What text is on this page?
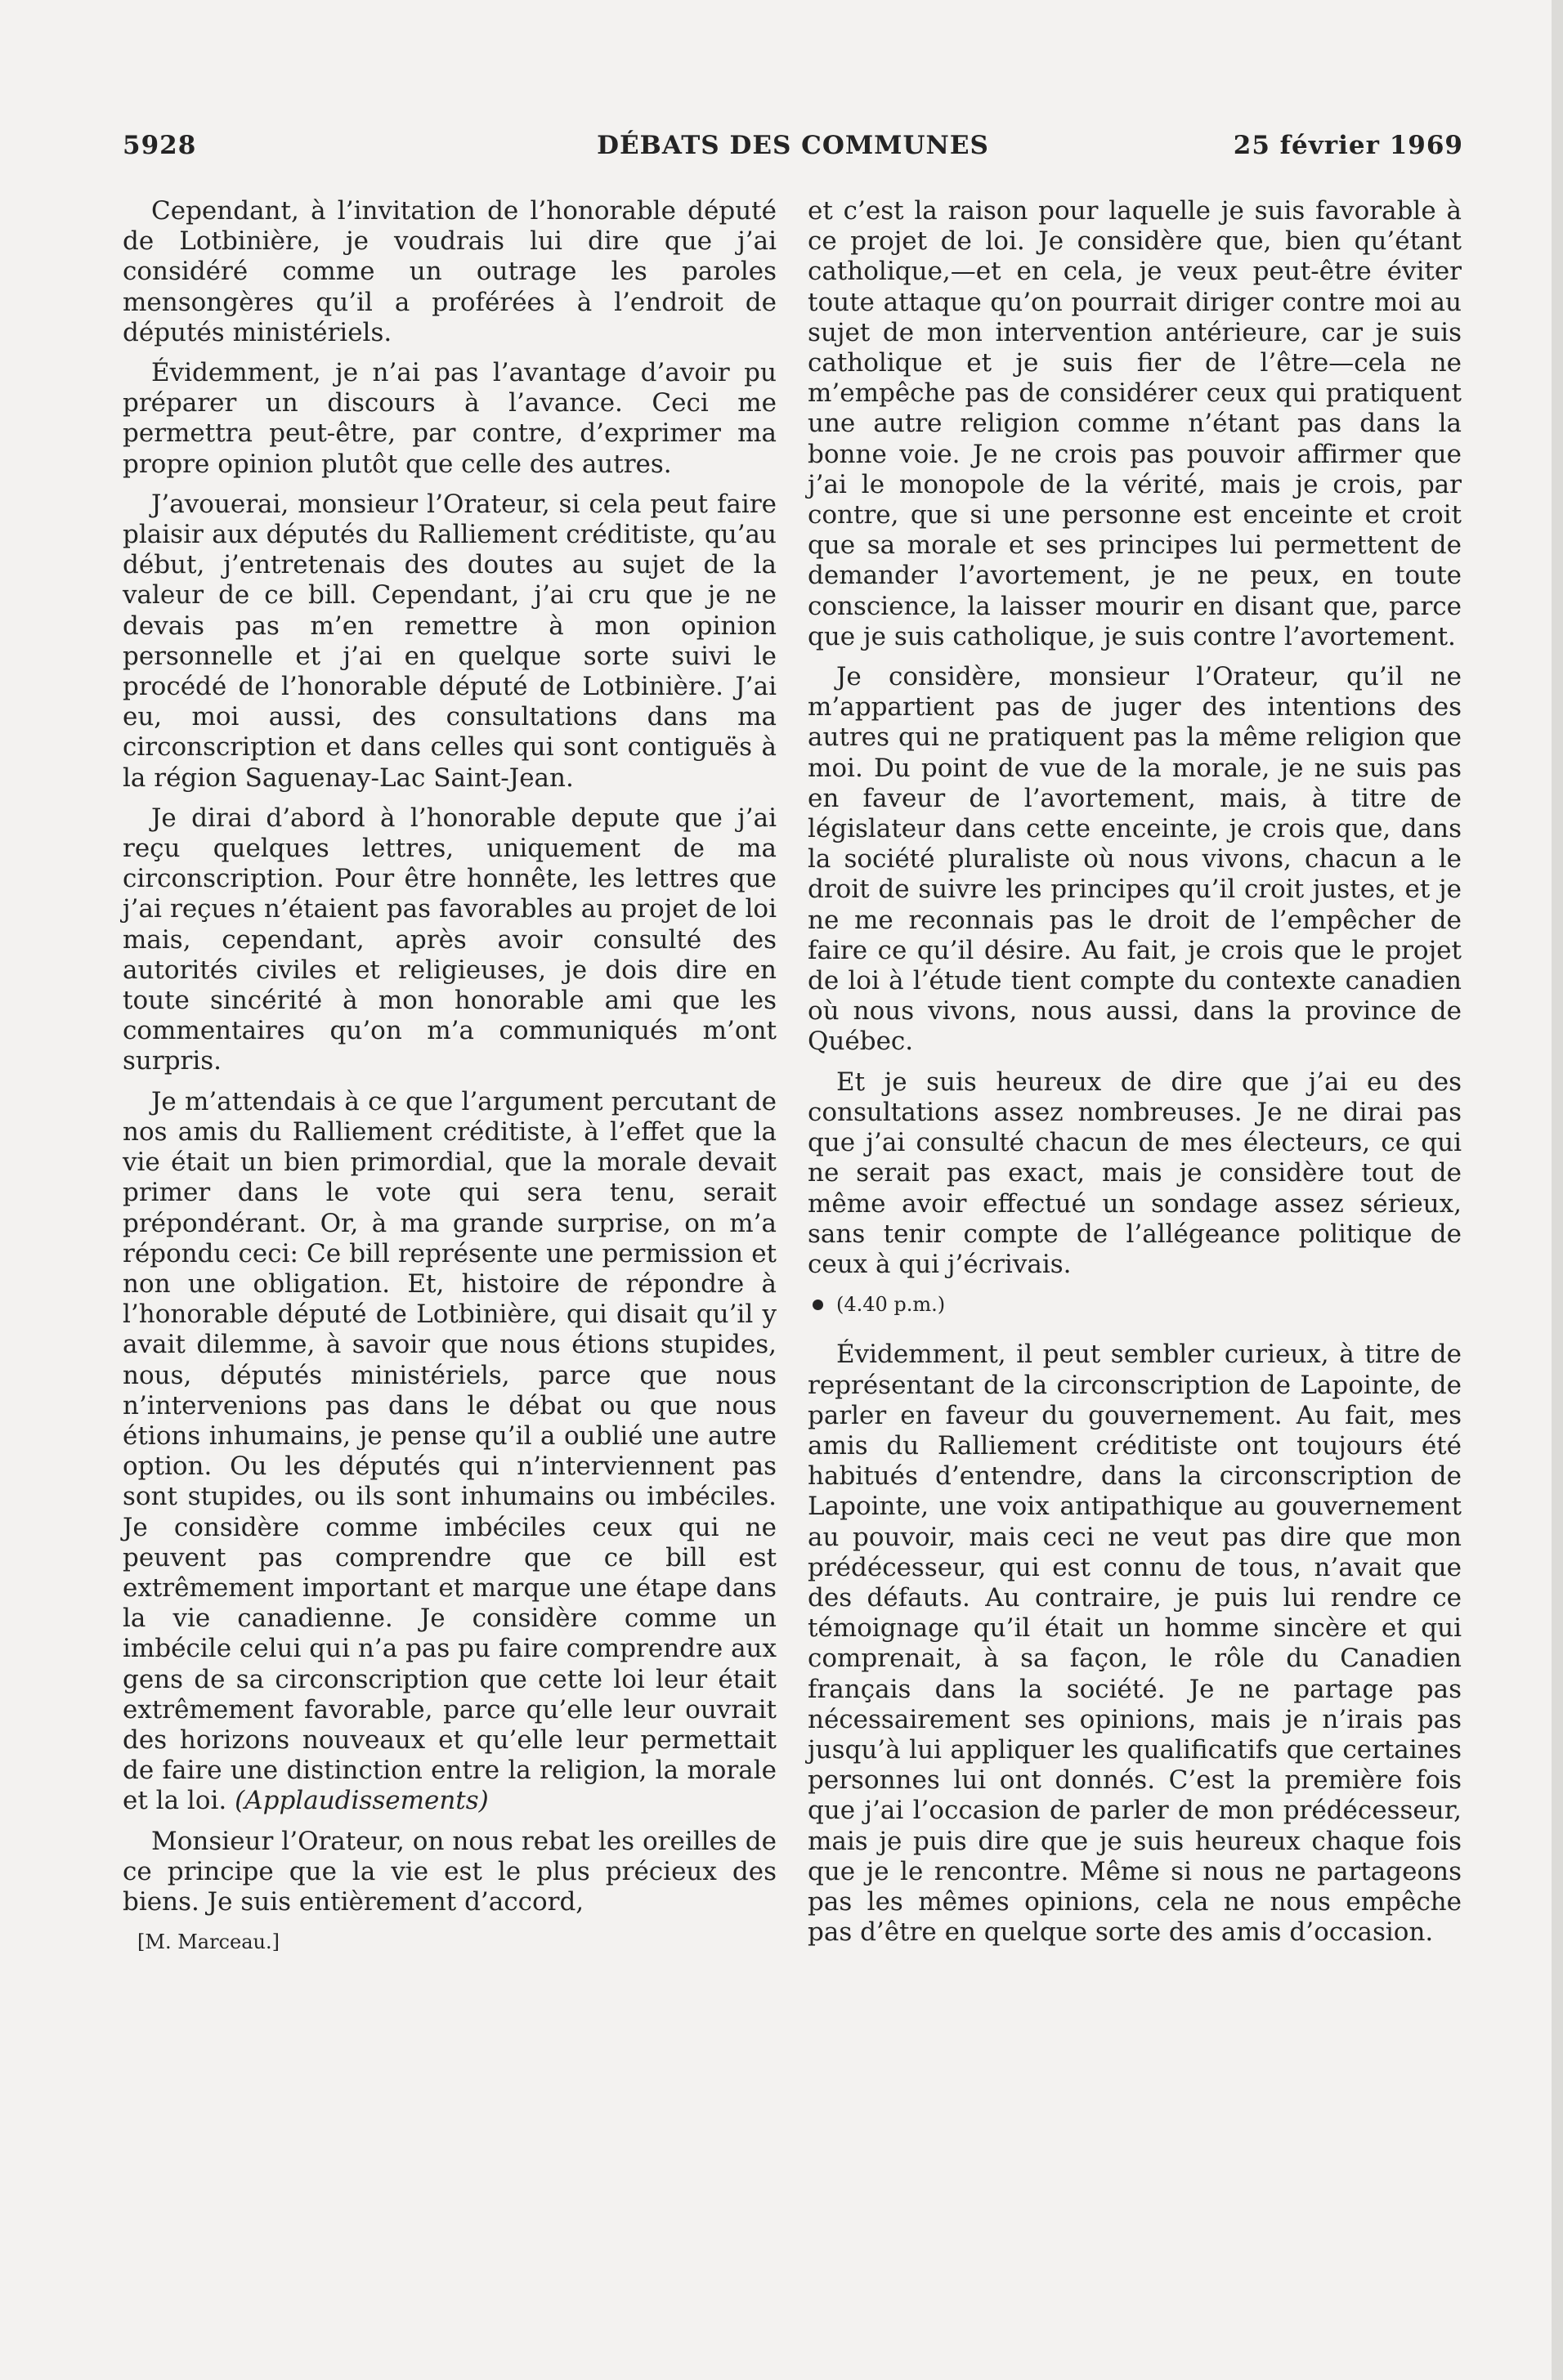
5928	DÉBATS DES COMMUNES	25 février 1969

Cependant, à l’invitation de l’honorable député de Lotbinière, je voudrais lui dire que j’ai considéré comme un outrage les paroles mensongères qu’il a proférées à l’endroit de députés ministériels.

Évidemment, je n’ai pas l’avantage d’avoir pu préparer un discours à l’avance. Ceci me permettra peut-être, par contre, d’exprimer ma propre opinion plutôt que celle des autres.

J’avouerai, monsieur l’Orateur, si cela peut faire plaisir aux députés du Ralliement créditiste, qu’au début, j’entretenais des doutes au sujet de la valeur de ce bill. Cependant, j’ai cru que je ne devais pas m’en remettre à mon opinion personnelle et j’ai en quelque sorte suivi le procédé de l’honorable député de Lotbinière. J’ai eu, moi aussi, des consultations dans ma circonscription et dans celles qui sont contiguës à la région Saguenay-Lac Saint-Jean.

Je dirai d’abord à l’honorable depute que j’ai reçu quelques lettres, uniquement de ma circonscription. Pour être honnête, les lettres que j’ai reçues n’étaient pas favorables au projet de loi mais, cependant, après avoir consulté des autorités civiles et religieuses, je dois dire en toute sincérité à mon honorable ami que les commentaires qu’on m’a communiqués m’ont surpris.

Je m’attendais à ce que l’argument percutant de nos amis du Ralliement créditiste, à l’effet que la vie était un bien primordial, que la morale devait primer dans le vote qui sera tenu, serait prépondérant. Or, à ma grande surprise, on m’a répondu ceci: Ce bill représente une permission et non une obligation. Et, histoire de répondre à l’honorable député de Lotbinière, qui disait qu’il y avait dilemme, à savoir que nous étions stupides, nous, députés ministériels, parce que nous n’intervenions pas dans le débat ou que nous étions inhumains, je pense qu’il a oublié une autre option. Ou les députés qui n’interviennent pas sont stupides, ou ils sont inhumains ou imbéciles. Je considère comme imbéciles ceux qui ne peuvent pas comprendre que ce bill est extrêmement important et marque une étape dans la vie canadienne. Je considère comme un imbécile celui qui n’a pas pu faire comprendre aux gens de sa circonscription que cette loi leur était extrêmement favorable, parce qu’elle leur ouvrait des horizons nouveaux et qu’elle leur permettait de faire une distinction entre la religion, la morale et la loi. (Applaudissements)

Monsieur l’Orateur, on nous rebat les oreilles de ce principe que la vie est le plus précieux des biens. Je suis entièrement d’accord,

[M. Marceau.]

et c’est la raison pour laquelle je suis favorable à ce projet de loi. Je considère que, bien qu’étant catholique,—et en cela, je veux peut-être éviter toute attaque qu’on pourrait diriger contre moi au sujet de mon intervention antérieure, car je suis catholique et je suis fier de l’être—cela ne m’empêche pas de considérer ceux qui pratiquent une autre religion comme n’étant pas dans la bonne voie. Je ne crois pas pouvoir affirmer que j’ai le monopole de la vérité, mais je crois, par contre, que si une personne est enceinte et croit que sa morale et ses principes lui permettent de demander l’avortement, je ne peux, en toute conscience, la laisser mourir en disant que, parce que je suis catholique, je suis contre l’avortement.

Je considère, monsieur l’Orateur, qu’il ne m’appartient pas de juger des intentions des autres qui ne pratiquent pas la même religion que moi. Du point de vue de la morale, je ne suis pas en faveur de l’avortement, mais, à titre de législateur dans cette enceinte, je crois que, dans la société pluraliste où nous vivons, chacun a le droit de suivre les principes qu’il croit justes, et je ne me reconnais pas le droit de l’empêcher de faire ce qu’il désire. Au fait, je crois que le projet de loi à l’étude tient compte du contexte canadien où nous vivons, nous aussi, dans la province de Québec.

Et je suis heureux de dire que j’ai eu des consultations assez nombreuses. Je ne dirai pas que j’ai consulté chacun de mes électeurs, ce qui ne serait pas exact, mais je considère tout de même avoir effectué un sondage assez sérieux, sans tenir compte de l’allégeance politique de ceux à qui j’écrivais.

(4.40 p.m.)

Évidemment, il peut sembler curieux, à titre de représentant de la circonscription de Lapointe, de parler en faveur du gouvernement. Au fait, mes amis du Ralliement créditiste ont toujours été habitués d’entendre, dans la circonscription de Lapointe, une voix antipathique au gouvernement au pouvoir, mais ceci ne veut pas dire que mon prédécesseur, qui est connu de tous, n’avait que des défauts. Au contraire, je puis lui rendre ce témoignage qu’il était un homme sincère et qui comprenait, à sa façon, le rôle du Canadien français dans la société. Je ne partage pas nécessairement ses opinions, mais je n’irais pas jusqu’à lui appliquer les qualificatifs que certaines personnes lui ont donnés. C’est la première fois que j’ai l’occasion de parler de mon prédécesseur, mais je puis dire que je suis heureux chaque fois que je le rencontre. Même si nous ne partageons pas les mêmes opinions, cela ne nous empêche pas d’être en quelque sorte des amis d’occasion.
